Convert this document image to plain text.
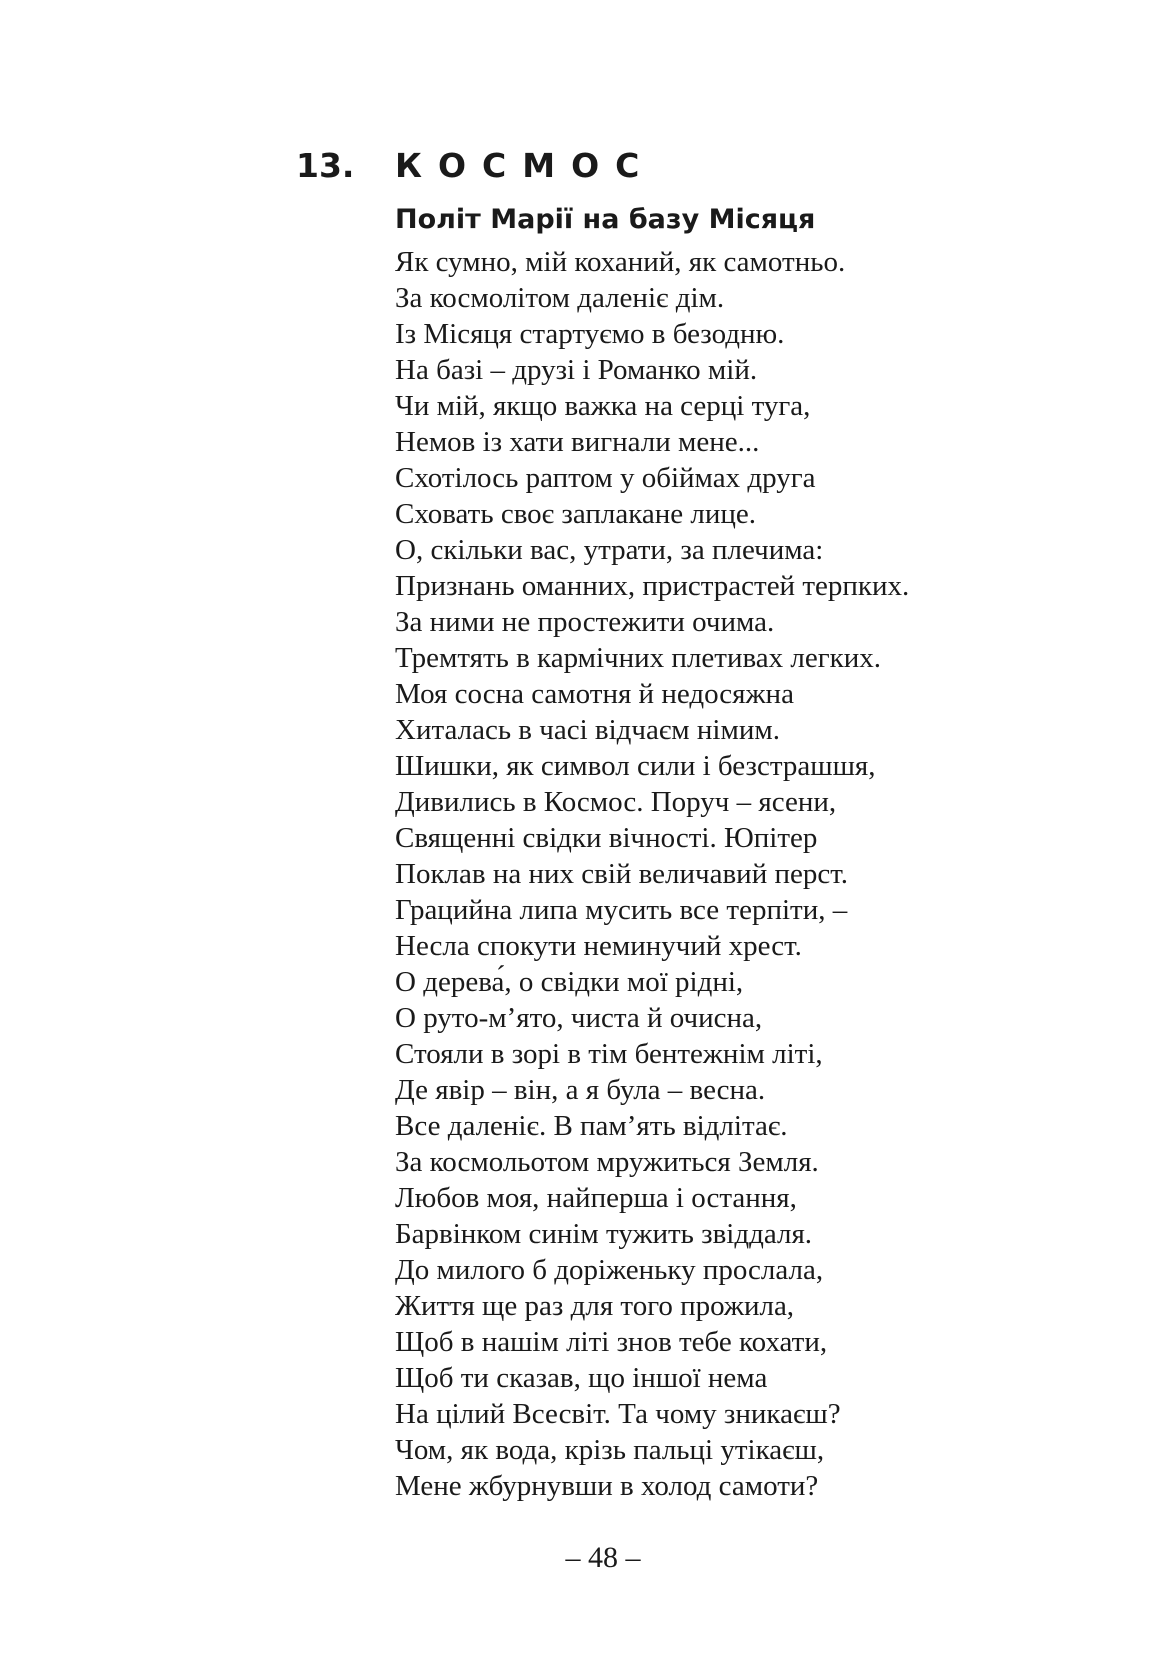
13.	КОСМОС
Політ Марії на базу Місяця
Як сумно, мій коханий, як самотньо.
За космолітом даленіє дім.
Із Місяця стартуємо в безодню.
На базі – друзі і Романко мій.
Чи мій, якщо важка на серці туга,
Немов із хати вигнали мене...
Схотілось раптом у обіймах друга
Сховать своє заплакане лице.
О, скільки вас, утрати, за плечима:
Признань оманних, пристрастей терпких.
За ними не простежити очима.
Тремтять в кармічних плетивах легких.
Моя сосна самотня й недосяжна
Хиталась в часі відчаєм німим.
Шишки, як символ сили і безстрашшя,
Дивились в Космос. Поруч – ясени,
Священні свідки вічності. Юпітер
Поклав на них свій величавий перст.
Грацийна липа мусить все терпіти, –
Несла спокути неминучий хрест.
О дерева́, о свідки мої рідні,
О руто-м’ято, чиста й очисна,
Стояли в зорі в тім бентежнім літі,
Де явір – він, а я була – весна.
Все даленіє. В пам’ять відлітає.
За космольотом мружиться Земля.
Любов моя, найперша і остання,
Барвінком синім тужить звіддаля.
До милого б доріженьку прослала,
Життя ще раз для того прожила,
Щоб в нашім літі знов тебе кохати,
Щоб ти сказав, що іншої нема
На цілий Всесвіт. Та чому зникаєш?
Чом, як вода, крізь пальці утікаєш,
Мене жбурнувши в холод самоти?
– 48 –
